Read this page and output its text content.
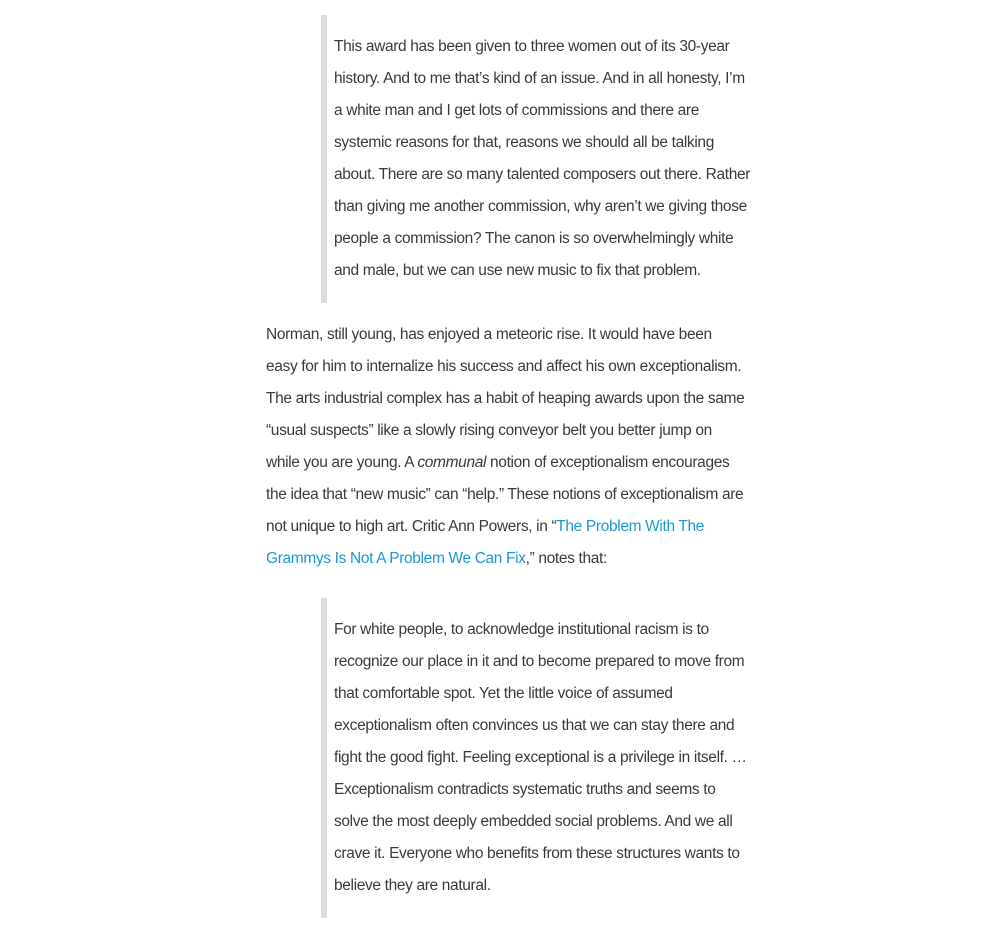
This award has been given to three women out of its 30-year history. And to me that’s kind of an issue. And in all honesty, I’m a white man and I get lots of commissions and there are systemic reasons for that, reasons we should all be talking about. There are so many talented composers out there. Rather than giving me another commission, why aren’t we giving those people a commission? The canon is so overwhelmingly white and male, but we can use new music to fix that problem.

Norman, still young, has enjoyed a meteoric rise. It would have been easy for him to internalize his success and affect his own exceptionalism. The arts industrial complex has a habit of heaping awards upon the same “usual suspects” like a slowly rising conveyor belt you better jump on while you are young. A communal notion of exceptionalism encourages the idea that “new music” can “help.” These notions of exceptionalism are not unique to high art. Critic Ann Powers, in “The Problem With The Grammys Is Not A Problem We Can Fix,” notes that:

For white people, to acknowledge institutional racism is to recognize our place in it and to become prepared to move from that comfortable spot. Yet the little voice of assumed exceptionalism often convinces us that we can stay there and fight the good fight. Feeling exceptional is a privilege in itself. … Exceptionalism contradicts systematic truths and seems to solve the most deeply embedded social problems. And we all crave it. Everyone who benefits from these structures wants to believe they are natural.
